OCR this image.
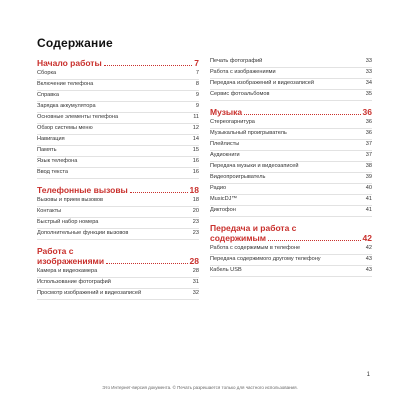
Содержание
Начало работы	7
Сборка	7
Включение телефона	8
Справка	9
Зарядка аккумулятора	9
Основные элементы телефона	11
Обзор системы меню	12
Навигация	14
Память	15
Язык телефона	16
Ввод текста	16
Телефонные вызовы	18
Вызовы и прием вызовов	18
Контакты	20
Быстрый набор номера	23
Дополнительные функции вызовов	23
Работа с
изображениями	28
Камера и видеокамера	28
Использование фотографий	31
Просмотр изображений и видеозаписей	32
Печать фотографий	33
Работа с изображениями	33
Передача изображений и видеозаписей	34
Сервис фотоальбомов	35
Музыка	36
Стереогарнитура	36
Музыкальный проигрыватель	36
Плейлисты	37
Аудиокниги	37
Передача музыки и видеозаписей	38
Видеопроигрыватель	39
Радио	40
MusicDJ™	41
Диктофон	41
Передача и работа с
содержимым	42
Работа с содержимым в телефоне	42
Передача содержимого другому телефону	43
Кабель USB	43
1
Это Интернет-версия документа. © Печать разрешается только для частного использования.
